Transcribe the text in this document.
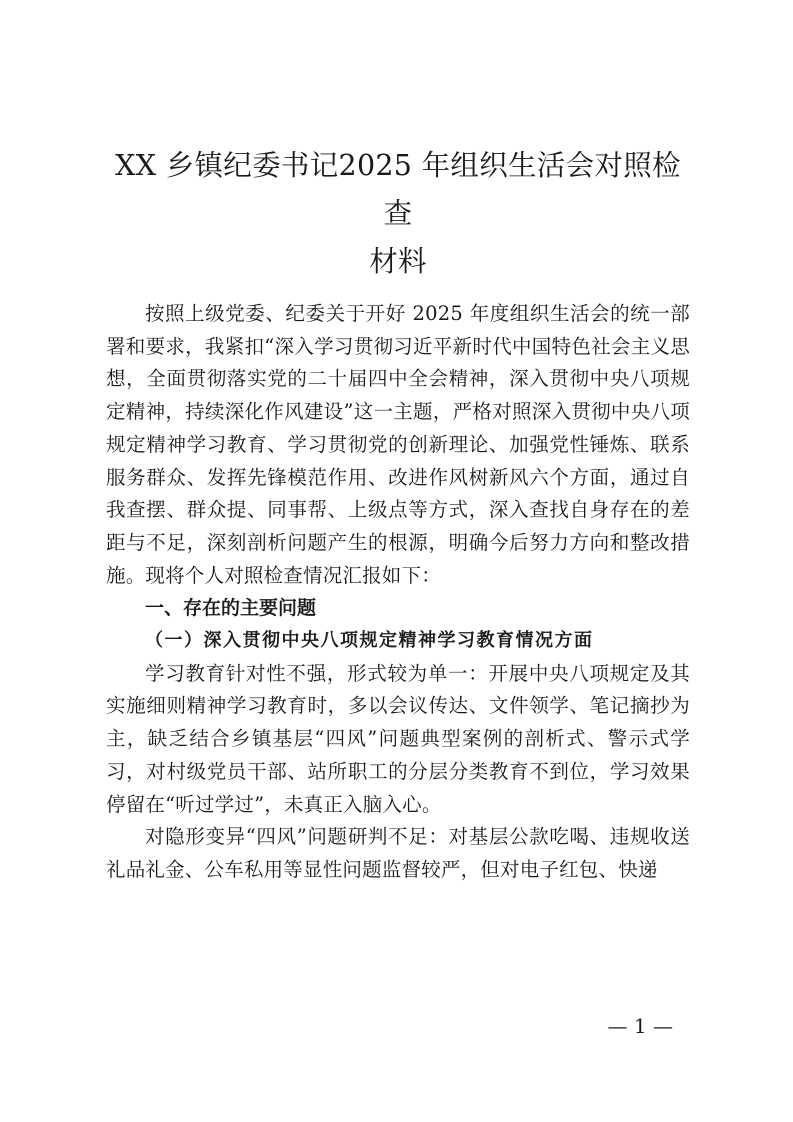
XX 乡镇纪委书记2025 年组织生活会对照检查
材料

按照上级党委、纪委关于开好 2025 年度组织生活会的统一部署和要求，我紧扣“深入学习贯彻习近平新时代中国特色社会主义思想，全面贯彻落实党的二十届四中全会精神，深入贯彻中央八项规定精神，持续深化作风建设”这一主题，严格对照深入贯彻中央八项规定精神学习教育、学习贯彻党的创新理论、加强党性锤炼、联系服务群众、发挥先锋模范作用、改进作风树新风六个方面，通过自我查摆、群众提、同事帮、上级点等方式，深入查找自身存在的差距与不足，深刻剖析问题产生的根源，明确今后努力方向和整改措施。现将个人对照检查情况汇报如下：

一、存在的主要问题

（一）深入贯彻中央八项规定精神学习教育情况方面

学习教育针对性不强，形式较为单一：开展中央八项规定及其实施细则精神学习教育时，多以会议传达、文件领学、笔记摘抄为主，缺乏结合乡镇基层“四风”问题典型案例的剖析式、警示式学习，对村级党员干部、站所职工的分层分类教育不到位，学习效果停留在“听过学过”，未真正入脑入心。

对隐形变异“四风”问题研判不足：对基层公款吃喝、违规收送礼品礼金、公车私用等显性问题监督较严，但对电子红包、快递

— 1 —
